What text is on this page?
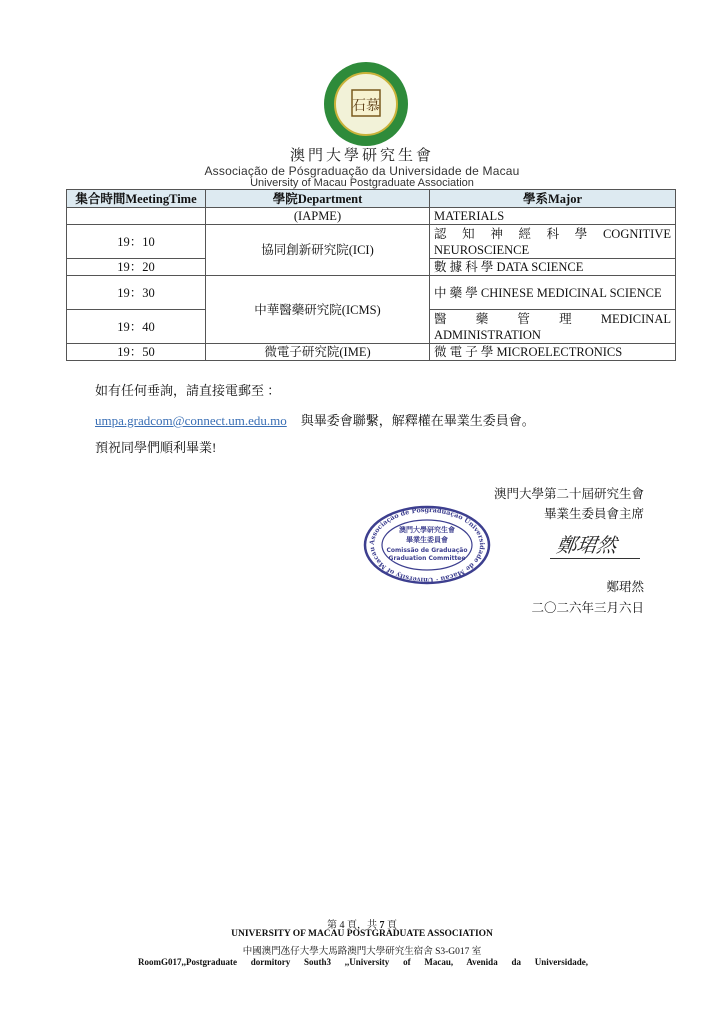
石慕
澳門大學研究生會
Associação de Pósgraduação da Universidade de Macau
University of Macau Postgraduate Association
集合時間MeetingTime	學院Department	學系Major
	(IAPME)	MATERIALS
19：10	協同創新研究院(ICI)	認 知 神 經 科 學 COGNITIVE NEUROSCIENCE
19：20		數 據 科 學 DATA SCIENCE
19：30	中華醫藥研究院(ICMS)	中 藥 學 CHINESE MEDICINAL SCIENCE
19：40		醫 藥 管 理 MEDICINAL ADMINISTRATION
19：50	微電子研究院(IME)	微 電 子 學 MICROELECTRONICS
如有任何垂詢，請直接電郵至 ：
umpa.gradcom@connect.um.edu.mo 與畢委會聯繫，解釋權在畢業生委員會。
預祝同學們順利畢業!
澳門大學第二十屆研究生會
畢業生委員會主席
Associação de Pósgraduação Universidade de Macau · University of Macau
澳門大學研究生會
畢業生委員會
Comissão de Graduação
Graduation Committee
鄭珺然
鄭珺然
二〇二六年三月六日
第 4 頁，共 7 頁
UNIVERSITY OF MACAU POSTGRADUATE ASSOCIATION
中國澳門氹仔大學大馬路澳門大學研究生宿舍 S3-G017 室
RoomG017,,Postgraduate dormitory South3 ,,University of Macau, Avenida da Universidade,
